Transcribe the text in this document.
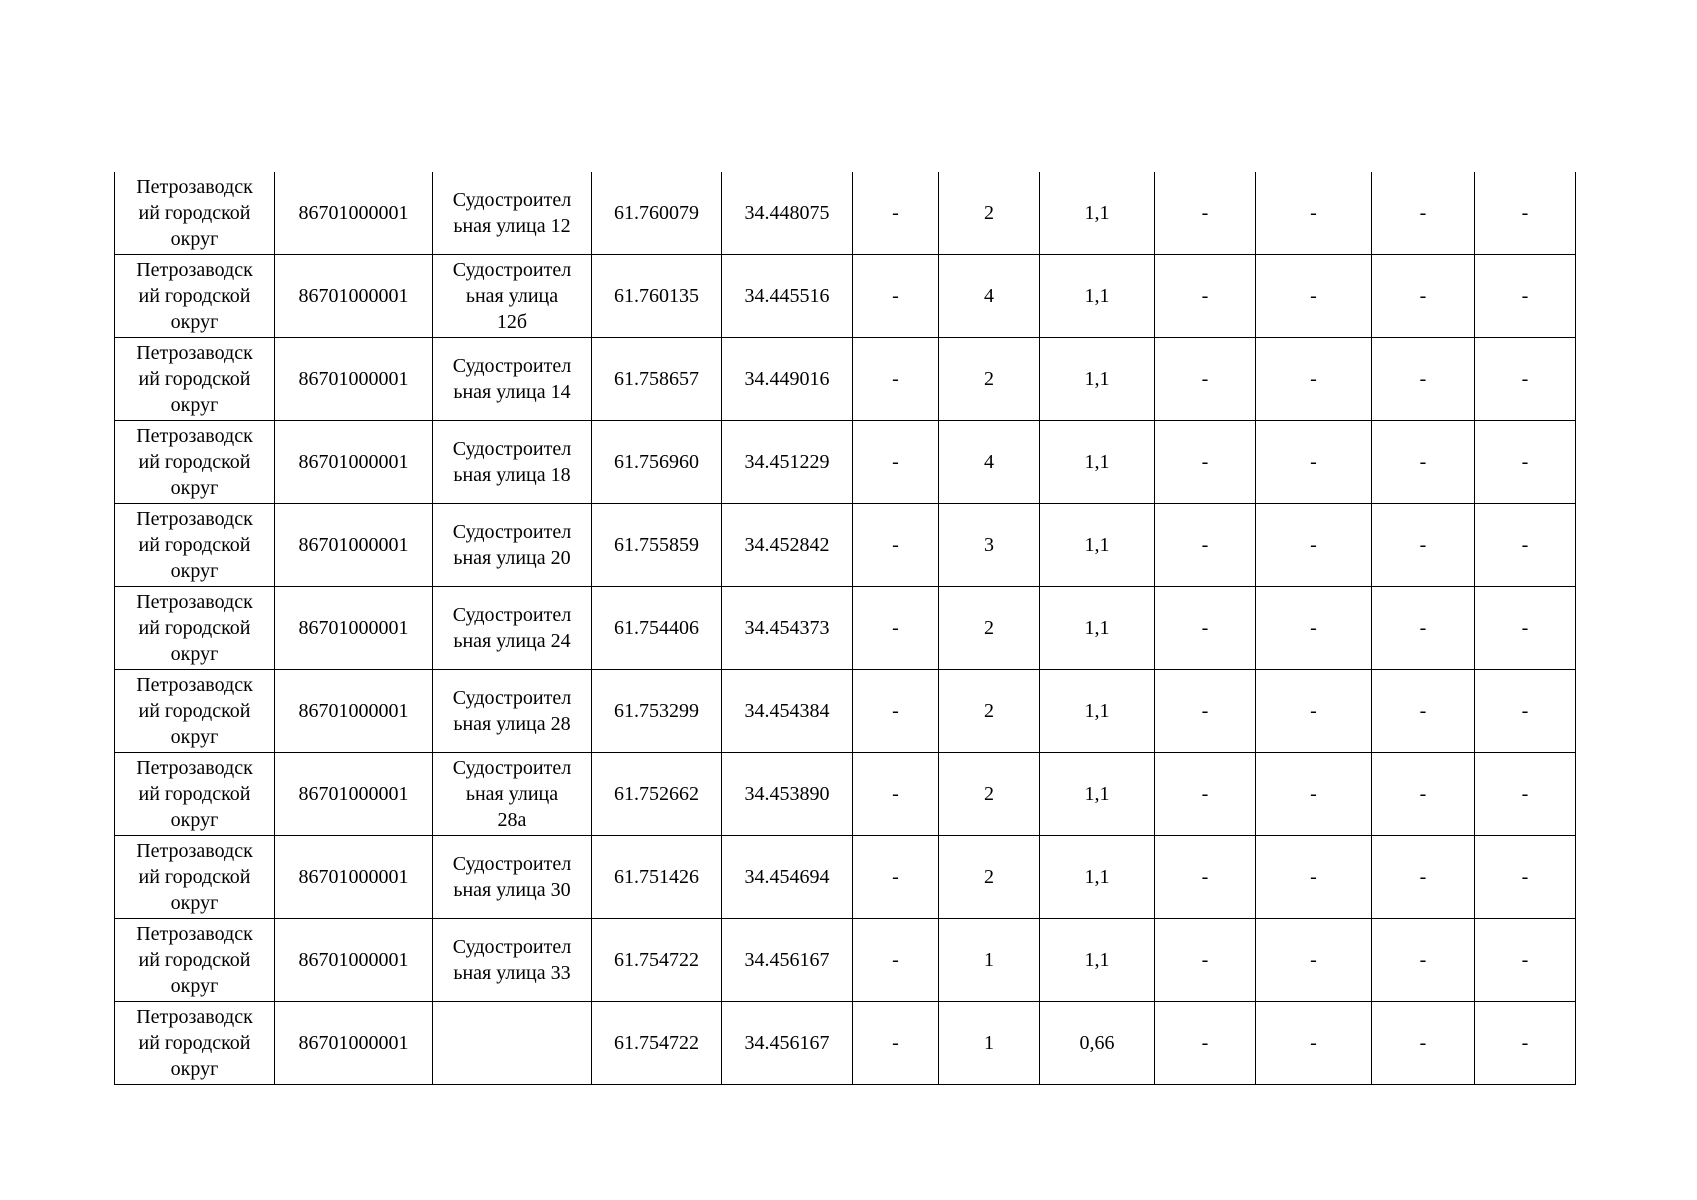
Петрозаводск
ий городской
округ	86701000001	Судостроител
ьная улица 12	61.760079	34.448075	-	2	1,1	-	-	-	-
Петрозаводск
ий городской
округ	86701000001	Судостроител
ьная улица
12б	61.760135	34.445516	-	4	1,1	-	-	-	-
Петрозаводск
ий городской
округ	86701000001	Судостроител
ьная улица 14	61.758657	34.449016	-	2	1,1	-	-	-	-
Петрозаводск
ий городской
округ	86701000001	Судостроител
ьная улица 18	61.756960	34.451229	-	4	1,1	-	-	-	-
Петрозаводск
ий городской
округ	86701000001	Судостроител
ьная улица 20	61.755859	34.452842	-	3	1,1	-	-	-	-
Петрозаводск
ий городской
округ	86701000001	Судостроител
ьная улица 24	61.754406	34.454373	-	2	1,1	-	-	-	-
Петрозаводск
ий городской
округ	86701000001	Судостроител
ьная улица 28	61.753299	34.454384	-	2	1,1	-	-	-	-
Петрозаводск
ий городской
округ	86701000001	Судостроител
ьная улица
28а	61.752662	34.453890	-	2	1,1	-	-	-	-
Петрозаводск
ий городской
округ	86701000001	Судостроител
ьная улица 30	61.751426	34.454694	-	2	1,1	-	-	-	-
Петрозаводск
ий городской
округ	86701000001	Судостроител
ьная улица 33	61.754722	34.456167	-	1	1,1	-	-	-	-
Петрозаводск
ий городской
округ	86701000001		61.754722	34.456167	-	1	0,66	-	-	-	-
